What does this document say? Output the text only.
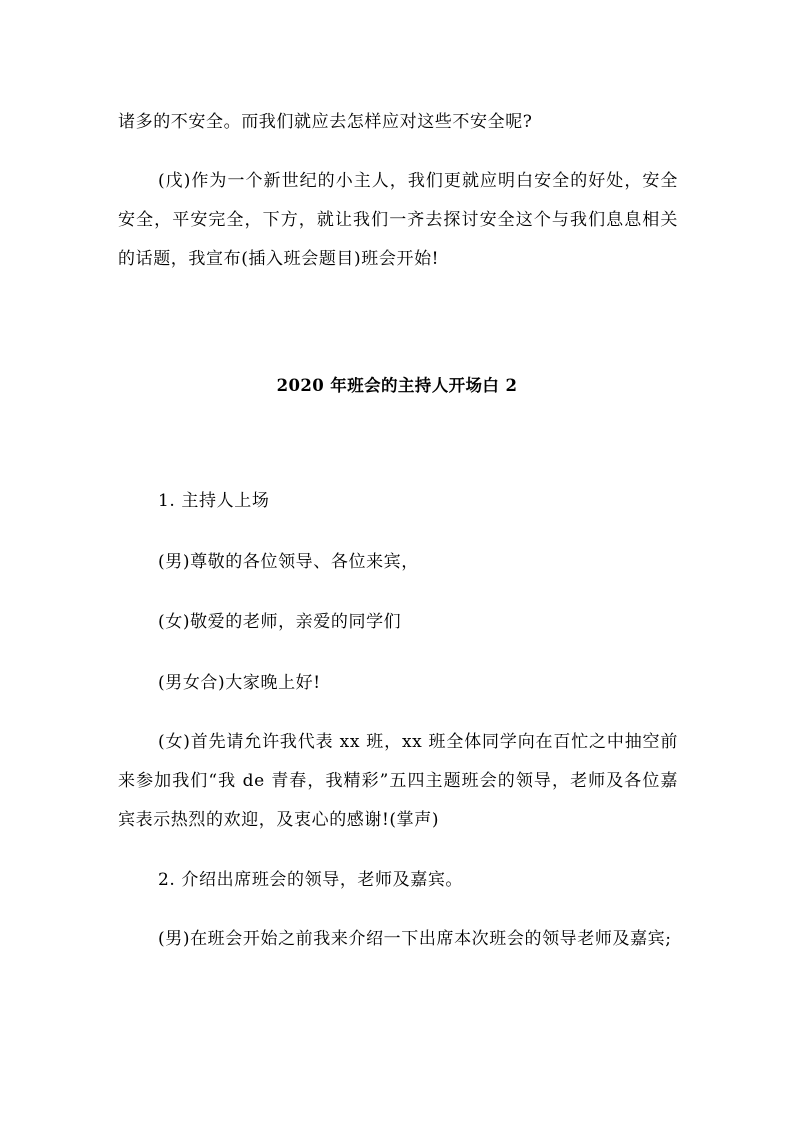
诸多的不安全。而我们就应去怎样应对这些不安全呢?

(戊)作为一个新世纪的小主人，我们更就应明白安全的好处，安全安全，平安完全，下方，就让我们一齐去探讨安全这个与我们息息相关的话题，我宣布(插入班会题目)班会开始!

2020 年班会的主持人开场白 2

1. 主持人上场

(男)尊敬的各位领导、各位来宾，

(女)敬爱的老师，亲爱的同学们

(男女合)大家晚上好!

(女)首先请允许我代表 xx 班，xx 班全体同学向在百忙之中抽空前来参加我们“我 de 青春，我精彩”五四主题班会的领导，老师及各位嘉宾表示热烈的欢迎，及衷心的感谢!(掌声)

2. 介绍出席班会的领导，老师及嘉宾。

(男)在班会开始之前我来介绍一下出席本次班会的领导老师及嘉宾;
